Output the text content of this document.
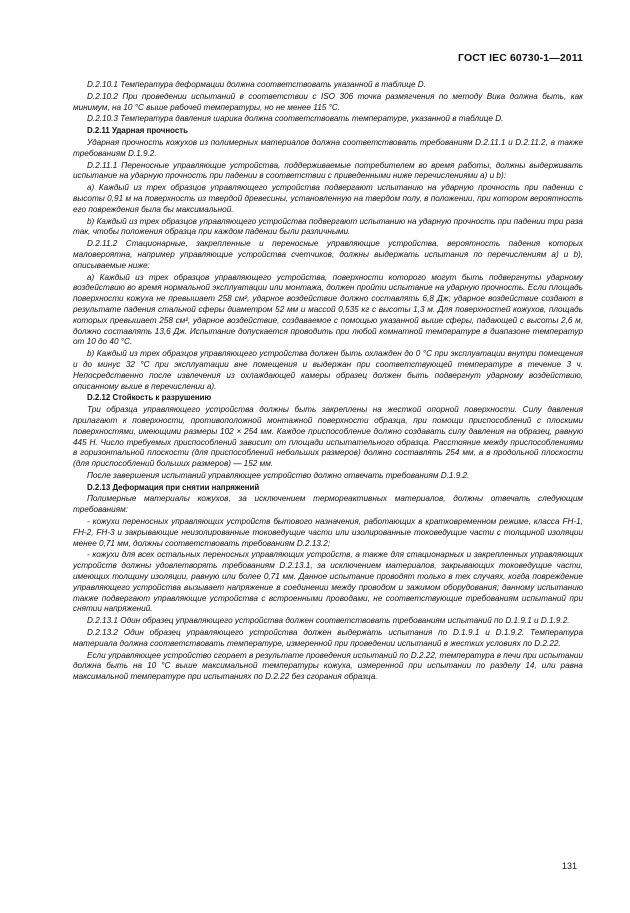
ГОСТ IEC 60730-1—2011

D.2.10.1 Температура деформации должна соответствовать указанной в таблице D.

D.2.10.2 При проведении испытаний в соответствии с ISO 306 точка размягчения по методу Вика должна быть, как минимум, на 10 °С выше рабочей температуры, но не менее 115 °С.

D.2.10.3 Температура давления шарика должна соответствовать температуре, указанной в таблице D.

D.2.11 Ударная прочность

Ударная прочность кожухов из полимерных материалов должна соответствовать требованиям D.2.11.1 и D.2.11.2, а также требованиям D.1.9.2.

D.2.11.1 Переносные управляющие устройства, поддерживаемые потребителем во время работы, должны выдерживать испытание на ударную прочность при падении в соответствии с приведенными ниже перечислениями а) и b):

a) Каждый из трех образцов управляющего устройства подвергают испытанию на ударную прочность при падении с высоты 0,91 м на поверхность из твердой древесины, установленную на твердом полу, в положении, при котором вероятность его повреждения была бы максимальной.

b) Каждый из трех образцов управляющего устройства подвергают испытанию на ударную прочность при падении три раза так, чтобы положения образца при каждом падении были различными.

D.2.11.2 Стационарные, закрепленные и переносные управляющие устройства, вероятность падения которых маловероятна, например управляющие устройства счетчиков, должны выдержать испытания по перечислениям а) и b), описываемые ниже:

a) Каждый из трех образцов управляющего устройства, поверхности которого могут быть подвергнуты ударному воздействию во время нормальной эксплуатации или монтажа, должен пройти испытание на ударную прочность. Если площадь поверхности кожуха не превышает 258 см², ударное воздействие должно составлять 6,8 Дж; ударное воздействие создают в результате падения стальной сферы диаметром 52 мм и массой 0,535 кг с высоты 1,3 м. Для поверхностей кожухов, площадь которых превышает 258 см², ударное воздействие, создаваемое с помощью указанной выше сферы, падающей с высоты 2,6 м, должно составлять 13,6 Дж. Испытание допускается проводить при любой комнатной температуре в диапазоне температур от 10 до 40 °С.

b) Каждый из трех образцов управляющего устройства должен быть охлажден до 0 °С при эксплуатации внутри помещения и до минус 32 °С при эксплуатации вне помещения и выдержан при соответствующей температуре в течение 3 ч. Непосредственно после извлечения из охлаждающей камеры образец должен быть подвергнут ударному воздействию, описанному выше в перечислении а).

D.2.12 Стойкость к разрушению

Три образца управляющего устройства должны быть закреплены на жесткой опорной поверхности. Силу давления прилагают к поверхности, противоположной монтажной поверхности образца, при помощи приспособлений с плоскими поверхностями, имеющими размеры 102 × 254 мм. Каждое приспособление должно создавать силу давления на образец, равную 445 Н. Число требуемых приспособлений зависит от площади испытательного образца. Расстояние между приспособлениями в горизонтальной плоскости (для приспособлений небольших размеров) должно составлять 254 мм, а в продольной плоскости (для приспособлений больших размеров) — 152 мм.

После завершения испытаний управляющее устройство должно отвечать требованиям D.1.9.2.

D.2.13 Деформация при снятии напряжений

Полимерные материалы кожухов, за исключением термореактивных материалов, должны отвечать следующим требованиям:

- кожухи переносных управляющих устройств бытового назначения, работающих в кратковременном режиме, класса FH-1, FH-2, FH-3 и закрывающие неизолированные токоведущие части или изолированные токоведущие части с толщиной изоляции менее 0,71 мм, должны соответствовать требованиям D.2.13.2;

- кожухи для всех остальных переносных управляющих устройств, а также для стационарных и закрепленных управляющих устройств должны удовлетворять требованиям D.2.13.1, за исключением материалов, закрывающих токоведущие части, имеющих толщину изоляции, равную или более 0,71 мм. Данное испытание проводят только в тех случаях, когда повреждение управляющего устройства вызывает напряжение в соединении между проводом и зажимом оборудования; данному испытанию также подвергают управляющие устройства с встроенными проводами, не соответствующие требованиям испытаний при снятии напряжений.

D.2.13.1 Один образец управляющего устройства должен соответствовать требованиям испытаний по D.1.9.1 и D.1.9.2.

D.2.13.2 Один образец управляющего устройства должен выдержать испытания по D.1.9.1 и D.1.9.2. Температура материала должна соответствовать температуре, измеренной при проведении испытаний в жестких условиях по D.2.22.

Если управляющее устройство сгорает в результате проведения испытаний по D.2.22, температура в печи при испытании должна быть на 10 °С выше максимальной температуры кожуха, измеренной при испытании по разделу 14, или равна максимальной температуре при испытаниях по D.2.22 без сгорания образца.

131
